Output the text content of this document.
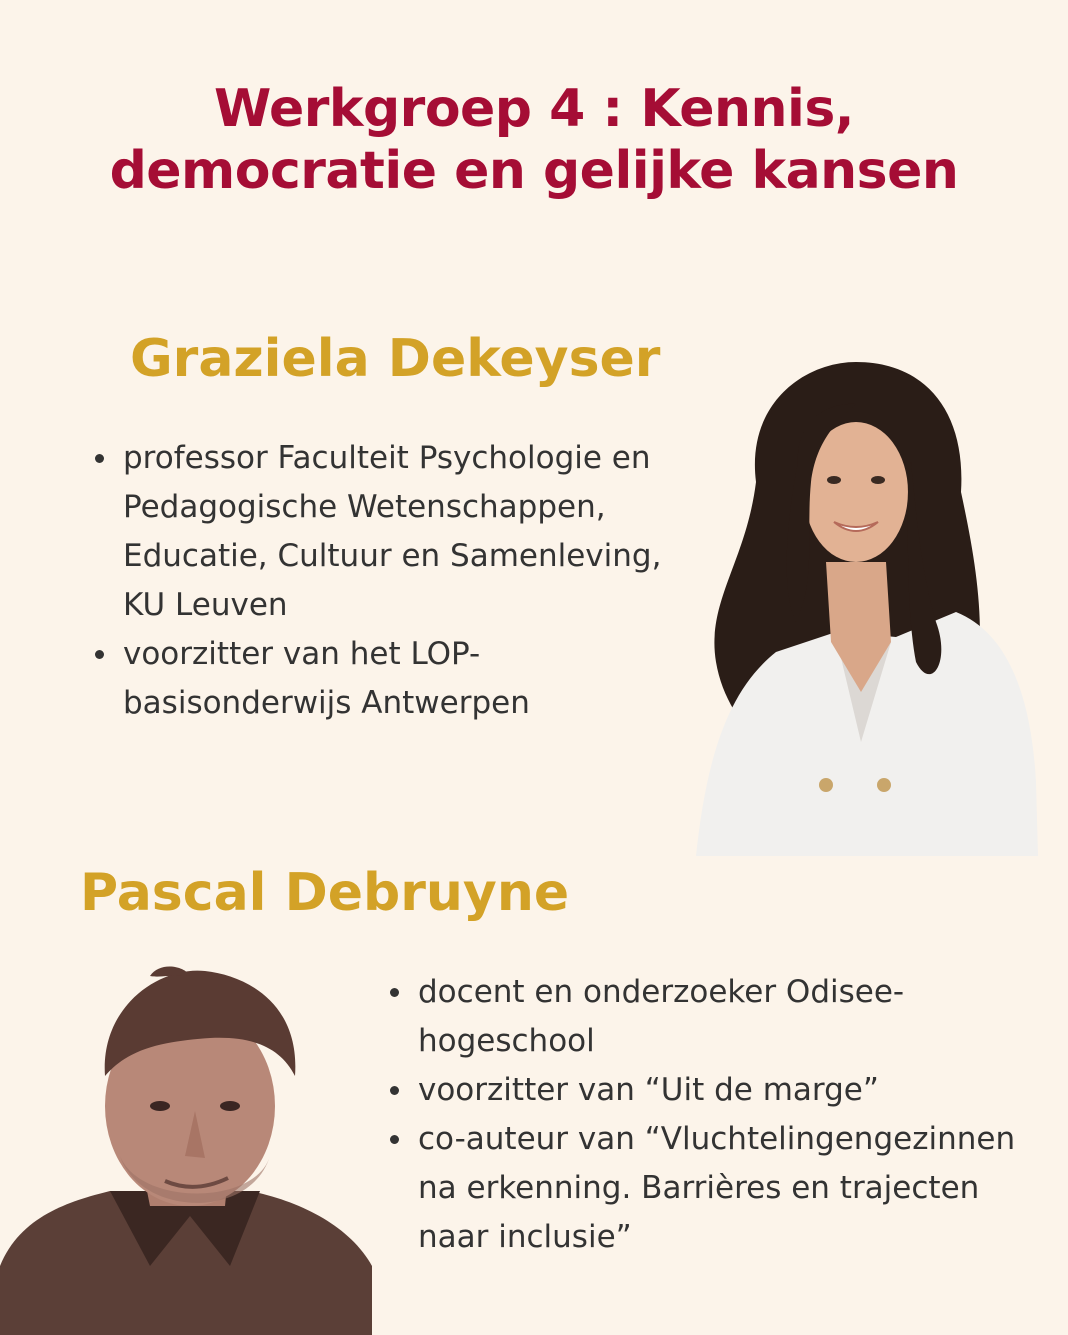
Werkgroep 4 : Kennis,
democratie en gelijke kansen
Graziela Dekeyser
professor Faculteit Psychologie en Pedagogische Wetenschappen, Educatie, Cultuur en Samenleving, KU Leuven
voorzitter van het LOP-basisonderwijs Antwerpen
Pascal Debruyne
docent en onderzoeker Odisee-hogeschool
voorzitter van “Uit de marge”
co-auteur van “Vluchtelingengezinnen na erkenning. Barrières en trajecten naar inclusie”
